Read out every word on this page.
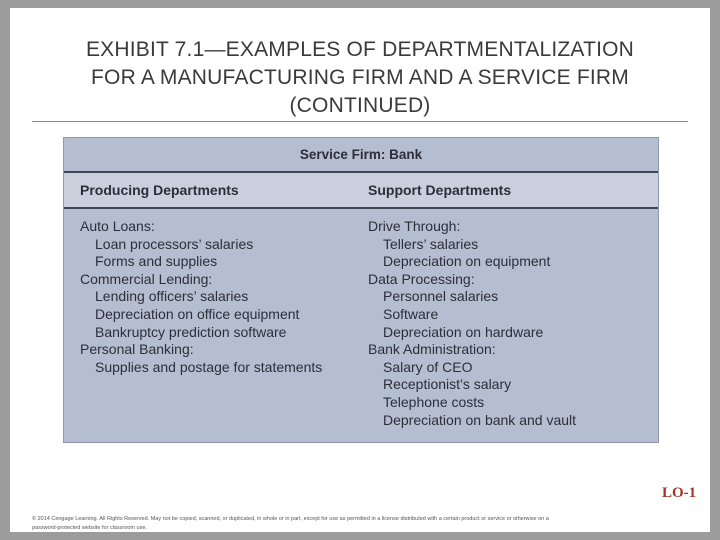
EXHIBIT 7.1—EXAMPLES OF DEPARTMENTALIZATION
FOR A MANUFACTURING FIRM AND A SERVICE FIRM
(CONTINUED)
Service Firm: Bank
Producing Departments	Support Departments
Auto Loans:
Loan processors’ salaries
Forms and supplies
Commercial Lending:
Lending officers’ salaries
Depreciation on office equipment
Bankruptcy prediction software
Personal Banking:
Supplies and postage for statements
Drive Through:
Tellers’ salaries
Depreciation on equipment
Data Processing:
Personnel salaries
Software
Depreciation on hardware
Bank Administration:
Salary of CEO
Receptionist’s salary
Telephone costs
Depreciation on bank and vault
LO-1
© 2014 Cengage Learning. All Rights Reserved. May not be copied, scanned, or duplicated, in whole or in part, except for use as permitted in a license distributed with a certain product or service or otherwise on a
password-protected website for classroom use.
